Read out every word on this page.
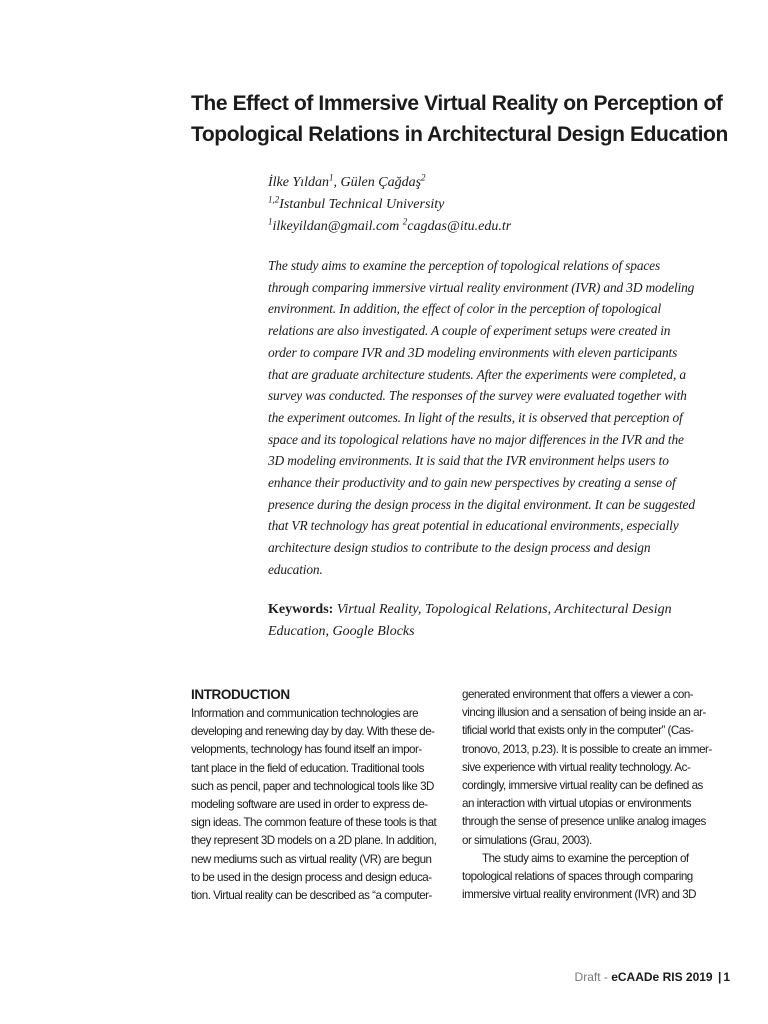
The Effect of Immersive Virtual Reality on Perception of
Topological Relations in Architectural Design Education
İlke Yıldan$^1$, Gülen Çağdaş$^2$
$^{1,2}$Istanbul Technical University
$^1$ilkeyildan@gmail.com $^2$cagdas@itu.edu.tr
The study aims to examine the perception of topological relations of spaces
through comparing immersive virtual reality environment (IVR) and 3D modeling
environment. In addition, the effect of color in the perception of topological
relations are also investigated. A couple of experiment setups were created in
order to compare IVR and 3D modeling environments with eleven participants
that are graduate architecture students. After the experiments were completed, a
survey was conducted. The responses of the survey were evaluated together with
the experiment outcomes. In light of the results, it is observed that perception of
space and its topological relations have no major differences in the IVR and the
3D modeling environments. It is said that the IVR environment helps users to
enhance their productivity and to gain new perspectives by creating a sense of
presence during the design process in the digital environment. It can be suggested
that VR technology has great potential in educational environments, especially
architecture design studios to contribute to the design process and design
education.
Keywords: Virtual Reality, Topological Relations, Architectural Design
Education, Google Blocks
INTRODUCTION
Information and communication technologies are
developing and renewing day by day. With these de-
velopments, technology has found itself an impor-
tant place in the field of education. Traditional tools
such as pencil, paper and technological tools like 3D
modeling software are used in order to express de-
sign ideas. The common feature of these tools is that
they represent 3D models on a 2D plane. In addition,
new mediums such as virtual reality (VR) are begun
to be used in the design process and design educa-
tion. Virtual reality can be described as “a computer-
generated environment that offers a viewer a con-
vincing illusion and a sensation of being inside an ar-
tificial world that exists only in the computer” (Cas-
tronovo, 2013, p.23). It is possible to create an immer-
sive experience with virtual reality technology. Ac-
cordingly, immersive virtual reality can be defined as
an interaction with virtual utopias or environments
through the sense of presence unlike analog images
or simulations (Grau, 2003).
The study aims to examine the perception of
topological relations of spaces through comparing
immersive virtual reality environment (IVR) and 3D
Draft - eCAADe RIS 2019 | 1
